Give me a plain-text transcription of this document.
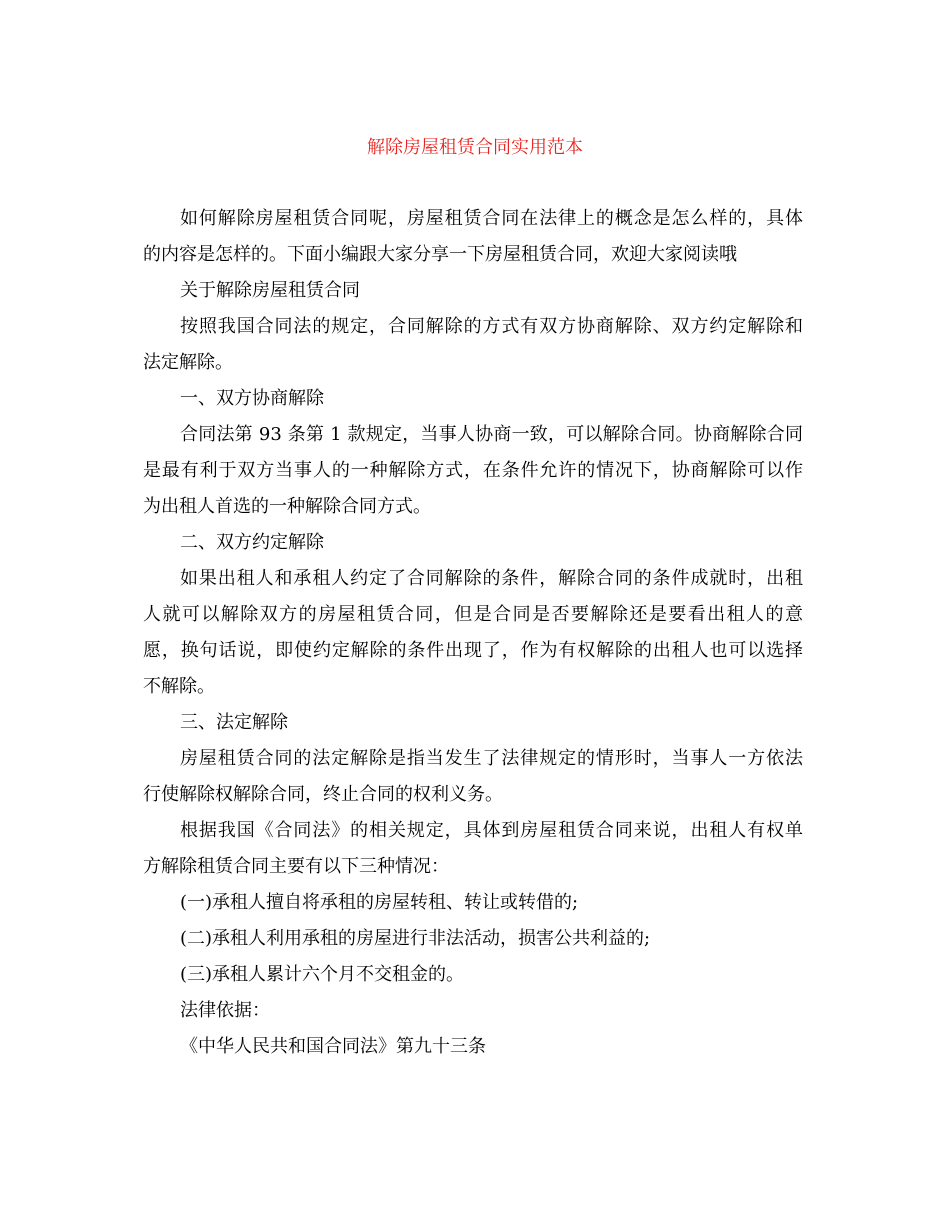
解除房屋租赁合同实用范本
如何解除房屋租赁合同呢，房屋租赁合同在法律上的概念是怎么样的，具体
的内容是怎样的。下面小编跟大家分享一下房屋租赁合同，欢迎大家阅读哦
关于解除房屋租赁合同
按照我国合同法的规定，合同解除的方式有双方协商解除、双方约定解除和
法定解除。
一、双方协商解除
合同法第 93 条第 1 款规定，当事人协商一致，可以解除合同。协商解除合同
是最有利于双方当事人的一种解除方式，在条件允许的情况下，协商解除可以作
为出租人首选的一种解除合同方式。
二、双方约定解除
如果出租人和承租人约定了合同解除的条件，解除合同的条件成就时，出租
人就可以解除双方的房屋租赁合同，但是合同是否要解除还是要看出租人的意
愿，换句话说，即使约定解除的条件出现了，作为有权解除的出租人也可以选择
不解除。
三、法定解除
房屋租赁合同的法定解除是指当发生了法律规定的情形时，当事人一方依法
行使解除权解除合同，终止合同的权利义务。
根据我国《合同法》的相关规定，具体到房屋租赁合同来说，出租人有权单
方解除租赁合同主要有以下三种情况：
(一)承租人擅自将承租的房屋转租、转让或转借的;
(二)承租人利用承租的房屋进行非法活动，损害公共利益的;
(三)承租人累计六个月不交租金的。
法律依据：
《中华人民共和国合同法》第九十三条
